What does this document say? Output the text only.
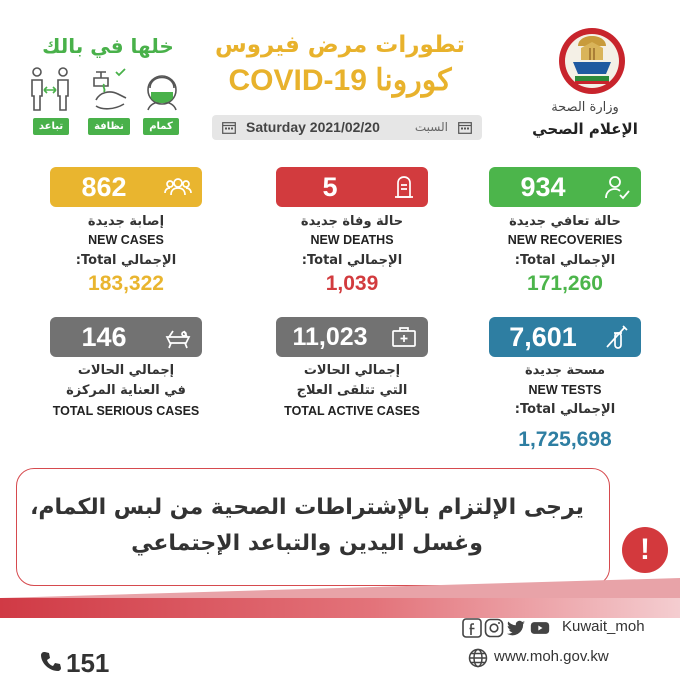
خلها في بالك
تباعد	نظافة	كمام
تطورات مرض فيروس
كورونا COVID-19
Saturday 2021/02/20	السبت
وزارة الصحة
الإعلام الصحي
862
إصابة جديدة
NEW CASES
الإجمالي Total:
183,322
5
حالة وفاة جديدة
NEW DEATHS
الإجمالي Total:
1,039
934
حالة تعافي جديدة
NEW RECOVERIES
الإجمالي Total:
171,260
146
إجمالي الحالات
في العناية المركزة
TOTAL SERIOUS CASES
11,023
إجمالي الحالات
التي تتلقى العلاج
TOTAL ACTIVE CASES
7,601
مسحة جديدة
NEW TESTS
الإجمالي Total:
1,725,698
يرجى الإلتزام بالإشتراطات الصحية من لبس الكمام،
وغسل اليدين والتباعد الإجتماعي	!
Kuwait_moh
151	www.moh.gov.kw
